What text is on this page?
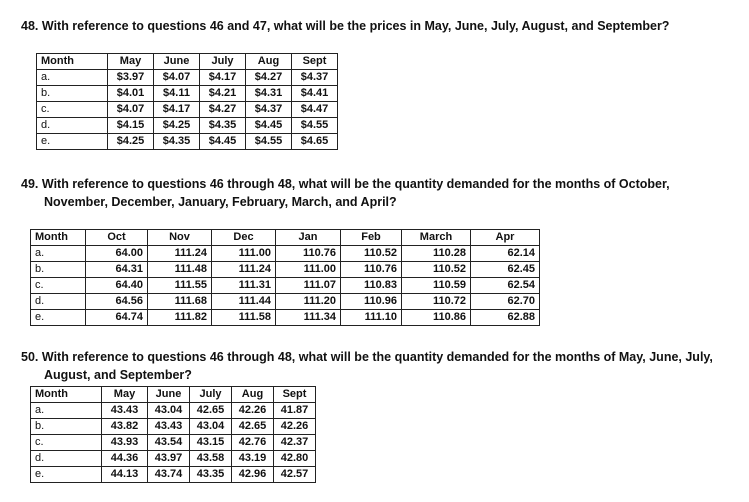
48. With reference to questions 46 and 47, what will be the prices in May, June, July, August, and September?

Month	May	June	July	Aug	Sept
a.	$3.97	$4.07	$4.17	$4.27	$4.37
b.	$4.01	$4.11	$4.21	$4.31	$4.41
c.	$4.07	$4.17	$4.27	$4.37	$4.47
d.	$4.15	$4.25	$4.35	$4.45	$4.55
e.	$4.25	$4.35	$4.45	$4.55	$4.65

49. With reference to questions 46 through 48, what will be the quantity demanded for the months of October,
November, December, January, February, March, and April?

Month	Oct	Nov	Dec	Jan	Feb	March	Apr
a.	64.00	111.24	111.00	110.76	110.52	110.28	62.14
b.	64.31	111.48	111.24	111.00	110.76	110.52	62.45
c.	64.40	111.55	111.31	111.07	110.83	110.59	62.54
d.	64.56	111.68	111.44	111.20	110.96	110.72	62.70
e.	64.74	111.82	111.58	111.34	111.10	110.86	62.88

50. With reference to questions 46 through 48, what will be the quantity demanded for the months of May, June, July,
August, and September?

Month	May	June	July	Aug	Sept
a.	43.43	43.04	42.65	42.26	41.87
b.	43.82	43.43	43.04	42.65	42.26
c.	43.93	43.54	43.15	42.76	42.37
d.	44.36	43.97	43.58	43.19	42.80
e.	44.13	43.74	43.35	42.96	42.57
